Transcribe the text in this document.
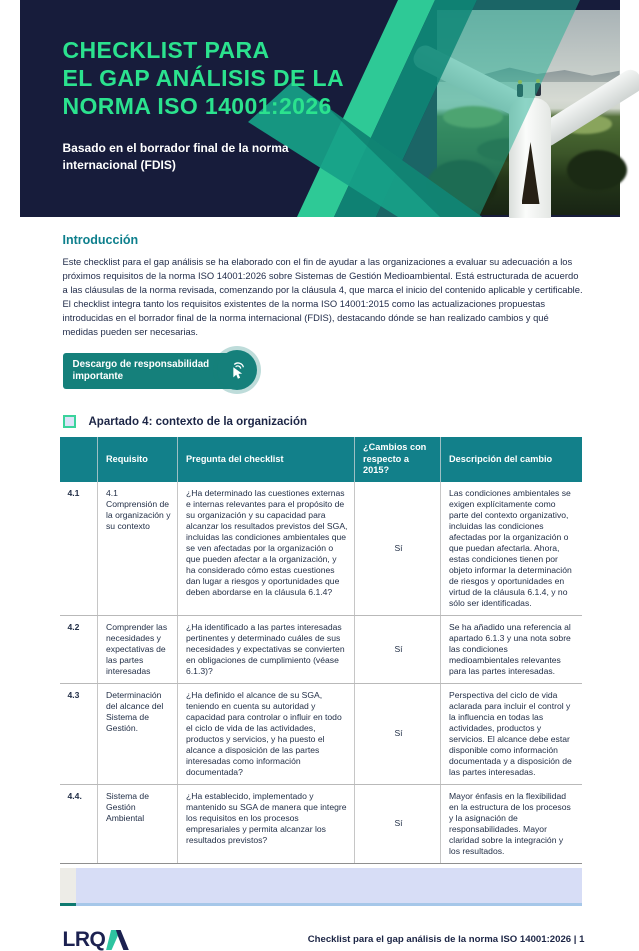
CHECKLIST PARA
EL GAP ANÁLISIS DE LA
NORMA ISO 14001:2026
Basado en el borrador final de la norma internacional (FDIS)
Introducción
Este checklist para el gap análisis se ha elaborado con el fin de ayudar a las organizaciones a evaluar su adecuación a los próximos requisitos de la norma ISO 14001:2026 sobre Sistemas de Gestión Medioambiental. Está estructurada de acuerdo a las cláusulas de la norma revisada, comenzando por la cláusula 4, que marca el inicio del contenido aplicable y certificable. El checklist integra tanto los requisitos existentes de la norma ISO 14001:2015 como las actualizaciones propuestas introducidas en el borrador final de la norma internacional (FDIS), destacando dónde se han realizado cambios y qué medidas pueden ser necesarias.
Descargo de responsabilidad importante
Apartado 4: contexto de la organización
	Requisito	Pregunta del checklist	¿Cambios con respecto a 2015?	Descripción del cambio
4.1	4.1 Comprensión de la organización y su contexto	¿Ha determinado las cuestiones externas e internas relevantes para el propósito de su organización y su capacidad para alcanzar los resultados previstos del SGA, incluidas las condiciones ambientales que se ven afectadas por la organización o que pueden afectar a la organización, y ha considerado cómo estas cuestiones dan lugar a riesgos y oportunidades que deben abordarse en la cláusula 6.1.4?	Sí	Las condiciones ambientales se exigen explícitamente como parte del contexto organizativo, incluidas las condiciones afectadas por la organización o que puedan afectarla. Ahora, estas condiciones tienen por objeto informar la determinación de riesgos y oportunidades en virtud de la cláusula 6.1.4, y no sólo ser identificadas.
4.2	Comprender las necesidades y expectativas de las partes interesadas	¿Ha identificado a las partes interesadas pertinentes y determinado cuáles de sus necesidades y expectativas se convierten en obligaciones de cumplimiento (véase 6.1.3)?	Sí	Se ha añadido una referencia al apartado 6.1.3 y una nota sobre las condiciones medioambientales relevantes para las partes interesadas.
4.3	Determinación del alcance del Sistema de Gestión.	¿Ha definido el alcance de su SGA, teniendo en cuenta su autoridad y capacidad para controlar o influir en todo el ciclo de vida de las actividades, productos y servicios, y ha puesto el alcance a disposición de las partes interesadas como información documentada?	Sí	Perspectiva del ciclo de vida aclarada para incluir el control y la influencia en todas las actividades, productos y servicios. El alcance debe estar disponible como información documentada y a disposición de las partes interesadas.
4.4.	Sistema de Gestión Ambiental	¿Ha establecido, implementado y mantenido su SGA de manera que integre los requisitos en los procesos empresariales y permita alcanzar los resultados previstos?	Sí	Mayor énfasis en la flexibilidad en la estructura de los procesos y la asignación de responsabilidades. Mayor claridad sobre la integración y los resultados.
LRQ	Checklist para el gap análisis de la norma ISO 14001:2026 | 1
